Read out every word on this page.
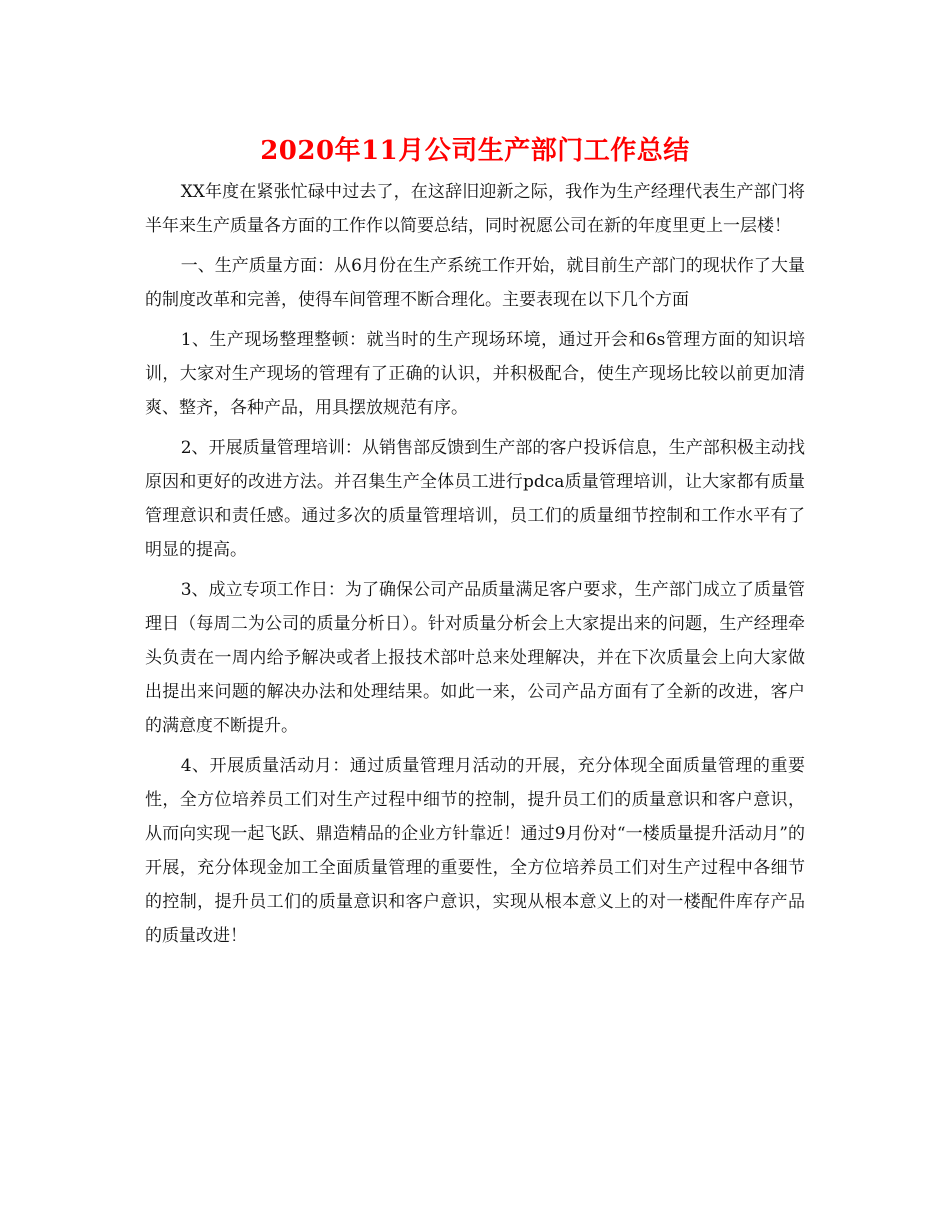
2020年11月公司生产部门工作总结

XX年度在紧张忙碌中过去了，在这辞旧迎新之际，我作为生产经理代表生产部门将半年来生产质量各方面的工作作以简要总结，同时祝愿公司在新的年度里更上一层楼！

一、生产质量方面：从6月份在生产系统工作开始，就目前生产部门的现状作了大量的制度改革和完善，使得车间管理不断合理化。主要表现在以下几个方面

1、生产现场整理整顿：就当时的生产现场环境，通过开会和6s管理方面的知识培训，大家对生产现场的管理有了正确的认识，并积极配合，使生产现场比较以前更加清爽、整齐，各种产品，用具摆放规范有序。

2、开展质量管理培训：从销售部反馈到生产部的客户投诉信息，生产部积极主动找原因和更好的改进方法。并召集生产全体员工进行pdca质量管理培训，让大家都有质量管理意识和责任感。通过多次的质量管理培训，员工们的质量细节控制和工作水平有了明显的提高。

3、成立专项工作日：为了确保公司产品质量满足客户要求，生产部门成立了质量管理日（每周二为公司的质量分析日）。针对质量分析会上大家提出来的问题，生产经理牵头负责在一周内给予解决或者上报技术部叶总来处理解决，并在下次质量会上向大家做出提出来问题的解决办法和处理结果。如此一来，公司产品方面有了全新的改进，客户的满意度不断提升。

4、开展质量活动月：通过质量管理月活动的开展，充分体现全面质量管理的重要性，全方位培养员工们对生产过程中细节的控制，提升员工们的质量意识和客户意识，从而向实现一起飞跃、鼎造精品的企业方针靠近！通过9月份对“一楼质量提升活动月”的开展，充分体现金加工全面质量管理的重要性，全方位培养员工们对生产过程中各细节的控制，提升员工们的质量意识和客户意识，实现从根本意义上的对一楼配件库存产品的质量改进！
